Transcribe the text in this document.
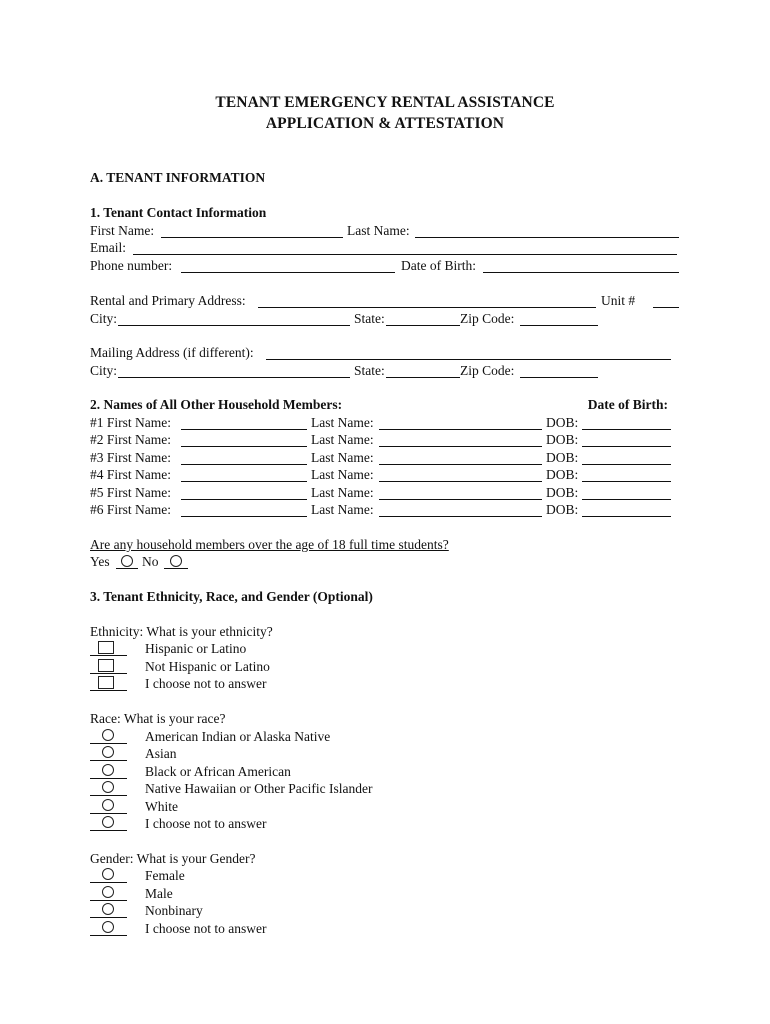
TENANT EMERGENCY RENTAL ASSISTANCE
APPLICATION & ATTESTATION
A. TENANT INFORMATION
1. Tenant Contact Information
First Name:	Last Name:
Email:
Phone number:	Date of Birth:
Rental and Primary Address:	Unit #
City:	State:	Zip Code:
Mailing Address (if different):
City:	State:	Zip Code:
2. Names of All Other Household Members:	Date of Birth:
#1 First Name:	Last Name:	DOB:
#2 First Name:	Last Name:	DOB:
#3 First Name:	Last Name:	DOB:
#4 First Name:	Last Name:	DOB:
#5 First Name:	Last Name:	DOB:
#6 First Name:	Last Name:	DOB:
Are any household members over the age of 18 full time students?
Yes No
3. Tenant Ethnicity, Race, and Gender (Optional)
Ethnicity: What is your ethnicity?
Hispanic or Latino
Not Hispanic or Latino
I choose not to answer
Race: What is your race?
American Indian or Alaska Native
Asian
Black or African American
Native Hawaiian or Other Pacific Islander
White
I choose not to answer
Gender: What is your Gender?
Female
Male
Nonbinary
I choose not to answer
